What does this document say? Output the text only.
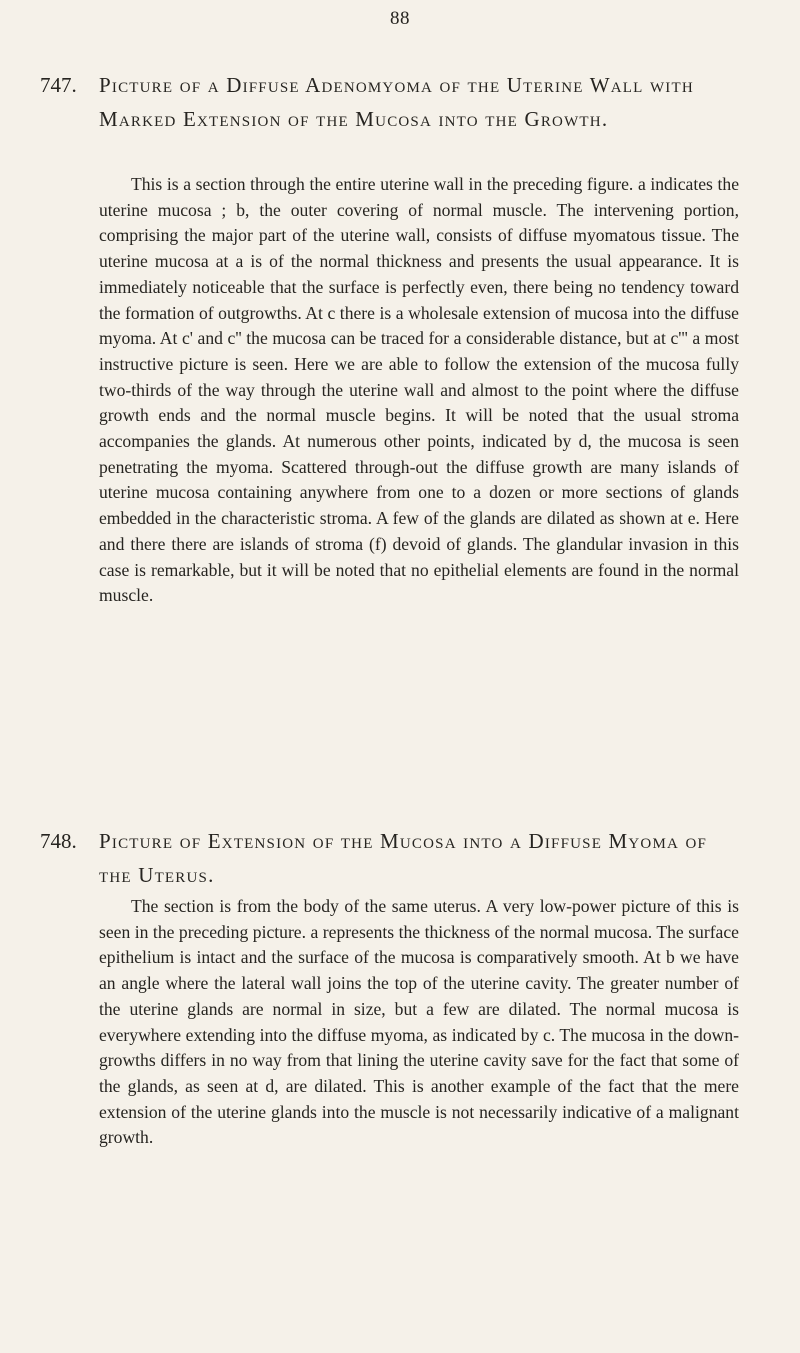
88
747. Picture of a Diffuse Adenomyoma of the Uterine Wall with Marked Extension of the Mucosa into the Growth.

This is a section through the entire uterine wall in the preceding figure. a indicates the uterine mucosa ; b, the outer covering of normal muscle. The intervening portion, comprising the major part of the uterine wall, consists of diffuse myomatous tissue. The uterine mucosa at a is of the normal thickness and presents the usual appearance. It is immediately noticeable that the surface is perfectly even, there being no tendency toward the formation of outgrowths. At c there is a wholesale extension of mucosa into the diffuse myoma. At c' and c'' the mucosa can be traced for a considerable distance, but at c''' a most instructive picture is seen. Here we are able to follow the extension of the mucosa fully two-thirds of the way through the uterine wall and almost to the point where the diffuse growth ends and the normal muscle begins. It will be noted that the usual stroma accompanies the glands. At numerous other points, indicated by d, the mucosa is seen penetrating the myoma. Scattered through-out the diffuse growth are many islands of uterine mucosa containing anywhere from one to a dozen or more sections of glands embedded in the characteristic stroma. A few of the glands are dilated as shown at e. Here and there there are islands of stroma (f) devoid of glands. The glandular invasion in this case is remarkable, but it will be noted that no epithelial elements are found in the normal muscle.

748. Picture of Extension of the Mucosa into a Diffuse Myoma of the Uterus.

The section is from the body of the same uterus. A very low-power picture of this is seen in the preceding picture. a represents the thickness of the normal mucosa. The surface epithelium is intact and the surface of the mucosa is comparatively smooth. At b we have an angle where the lateral wall joins the top of the uterine cavity. The greater number of the uterine glands are normal in size, but a few are dilated. The normal mucosa is everywhere extending into the diffuse myoma, as indicated by c. The mucosa in the down-growths differs in no way from that lining the uterine cavity save for the fact that some of the glands, as seen at d, are dilated. This is another example of the fact that the mere extension of the uterine glands into the muscle is not necessarily indicative of a malignant growth.
